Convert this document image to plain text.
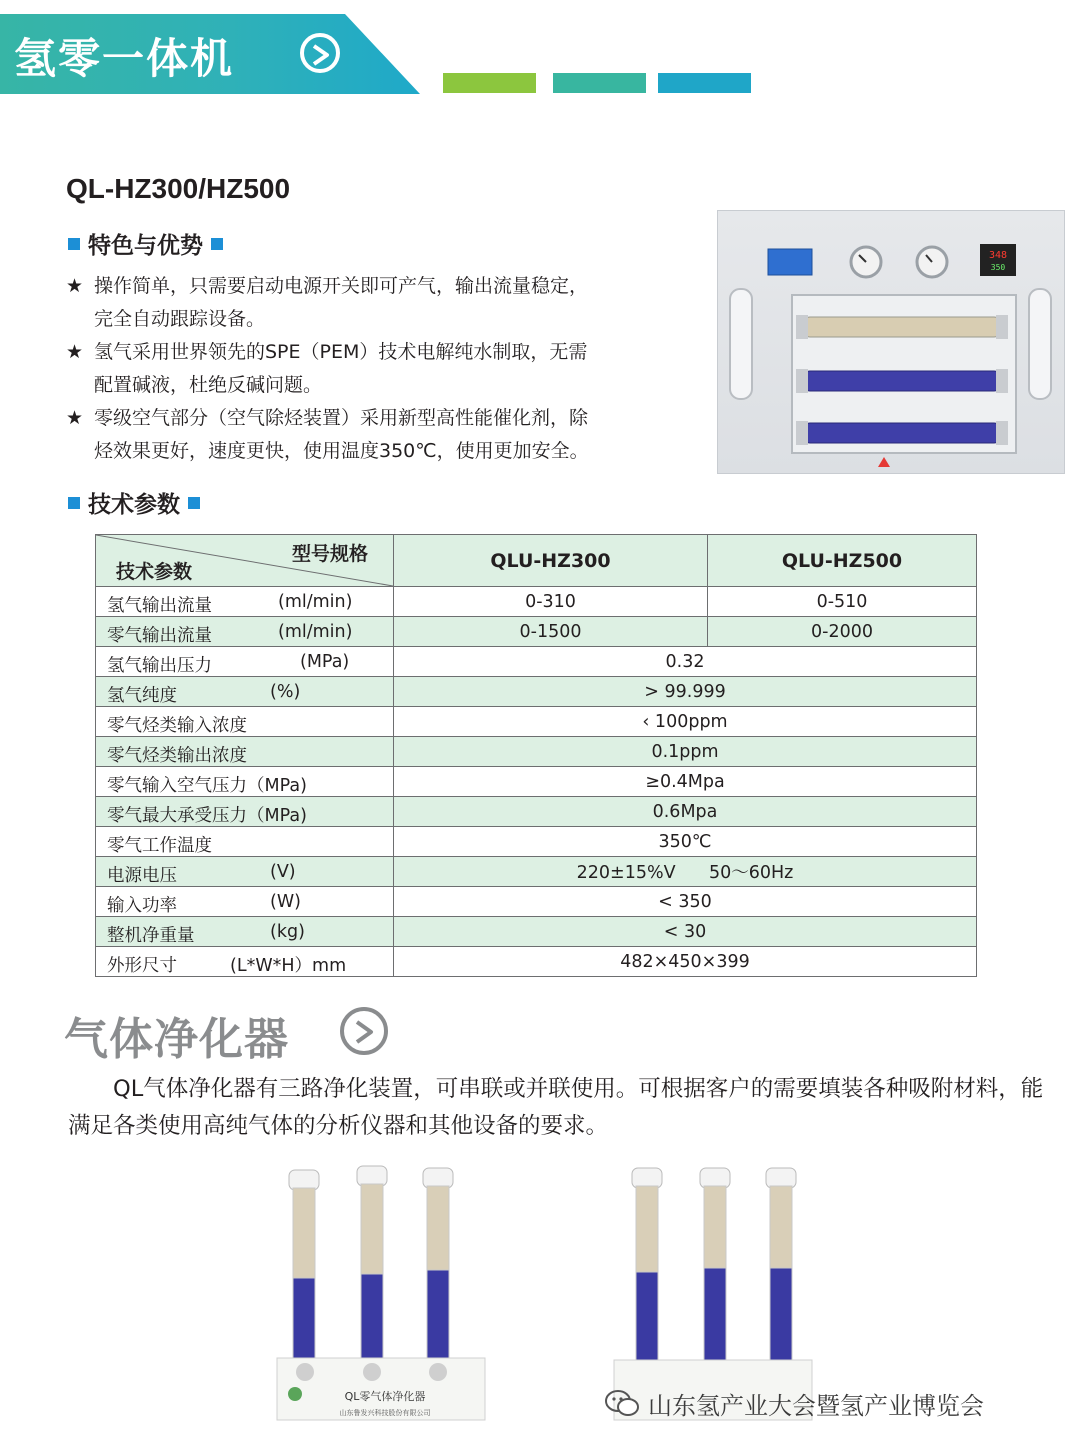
氢零一体机
QL-HZ300/HZ500
特色与优势
★ 操作简单，只需要启动电源开关即可产气，输出流量稳定，
完全自动跟踪设备。
★ 氢气采用世界领先的SPE（PEM）技术电解纯水制取，无需
配置碱液，杜绝反碱问题。
★ 零级空气部分（空气除烃装置）采用新型高性能催化剂，除
烃效果更好，速度更快，使用温度350℃，使用更加安全。
348
350
技术参数
型号规格
技术参数	QLU-HZ300	QLU-HZ500

氢气输出流量 (ml/min)	0-310	0-510

零气输出流量 (ml/min)	0-1500	0-2000

氢气输出压力 (MPa)	0.32	

氢气纯度 (%)	> 99.999	

零气烃类输入浓度	‹ 100ppm	

零气烃类输出浓度	0.1ppm	

零气输入空气压力（MPa)	≥0.4Mpa	

零气最大承受压力（MPa)	0.6Mpa	

零气工作温度	350℃	

电源电压 (V)	220±15%V      50～60Hz	

输入功率 (W)	< 350	

整机净重量 (kg)	< 30	

外形尺寸 (L*W*H）mm	482×450×399	
气体净化器
QL气体净化器有三路净化装置，可串联或并联使用。可根据客户的需要填装各种吸附材料，能满足各类使用高纯气体的分析仪器和其他设备的要求。
QL零气体净化器
山东鲁发兴科技股份有限公司	山东氢产业大会暨氢产业博览会
